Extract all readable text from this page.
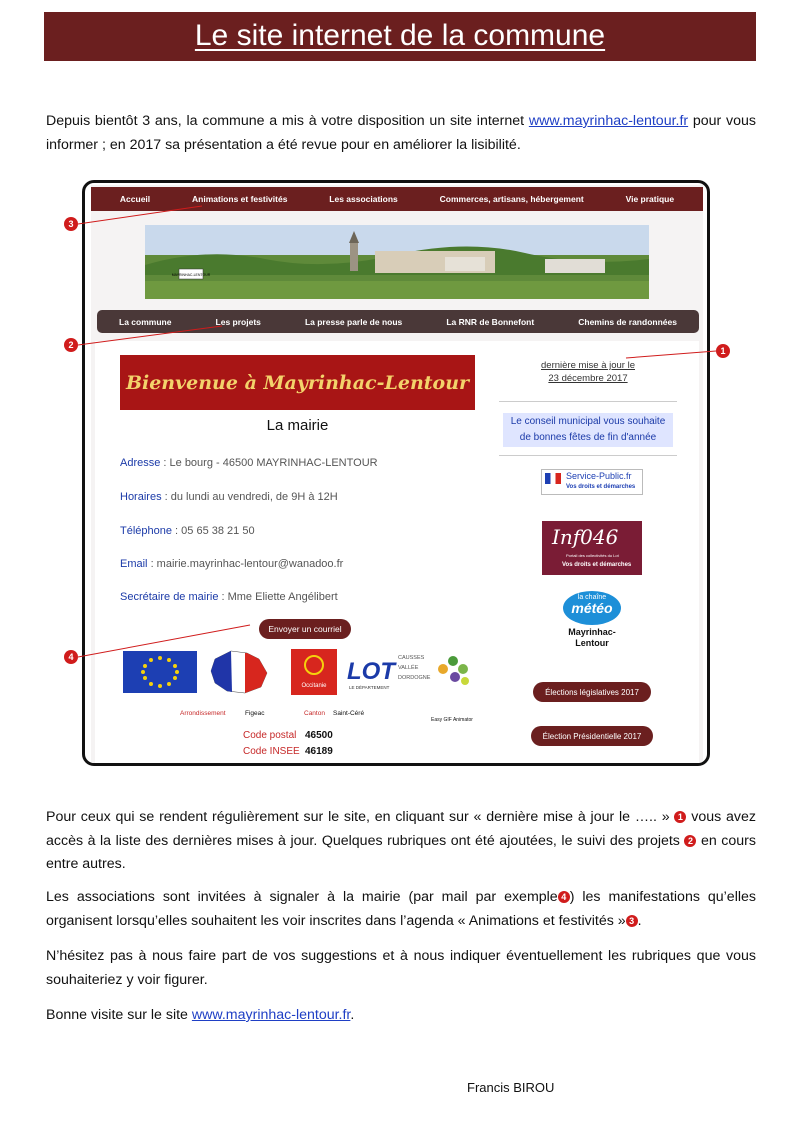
Le site internet de la commune

Depuis bientôt 3 ans, la commune a mis à votre disposition un site internet www.mayrinhac-lentour.fr pour vous informer ; en 2017 sa présentation a été revue pour en améliorer la lisibilité.

Accueil	Animations et festivités	Les associations	Commerces, artisans, hébergement	Vie pratique
MAYRINHAC-LENTOUR
La commune	Les projets	La presse parle de nous	La RNR de Bonnefont	Chemins de randonnées
Bienvenue à Mayrinhac-Lentour
La mairie
Adresse : Le bourg - 46500 MAYRINHAC-LENTOUR
Horaires : du lundi au vendredi, de 9H à 12H
Téléphone : 05 65 38 21 50
Email : mairie.mayrinhac-lentour@wanadoo.fr
Secrétaire de mairie : Mme Eliette Angélibert
Envoyer un courriel
Occitanie
LOT
LE DÉPARTEMENT
CAUSSES
VALLÉE
DORDOGNE
Arrondissement	Figeac	Canton Saint-Céré
Easy GIF Animator
Code postal 46500
Code INSEE 46189
dernière mise à jour le
23 décembre 2017
Le conseil municipal vous souhaite
de bonnes fêtes de fin d'année
Service-Public.fr
Vos droits et démarches
Inf046
Portail des collectivités du Lot
Vos droits et démarches
la chaîne
météo
Mayrinhac-
Lentour
Élections législatives 2017
Élection Présidentielle 2017
3
2
1
4

Pour ceux qui se rendent régulièrement sur le site, en cliquant sur « dernière mise à jour le ….. » 1 vous avez accès à la liste des dernières mises à jour. Quelques rubriques ont été ajoutées, le suivi des projets 2 en cours entre autres.

Les associations sont invitées à signaler à la mairie (par mail par exemple 4 ) les manifestations qu’elles organisent lorsqu’elles souhaitent les voir inscrites dans l’agenda « Animations et festivités » 3 .

N’hésitez pas à nous faire part de vos suggestions et à nous indiquer éventuellement les rubriques que vous souhaiteriez y voir figurer.

Bonne visite sur le site www.mayrinhac-lentour.fr.

Francis BIROU
